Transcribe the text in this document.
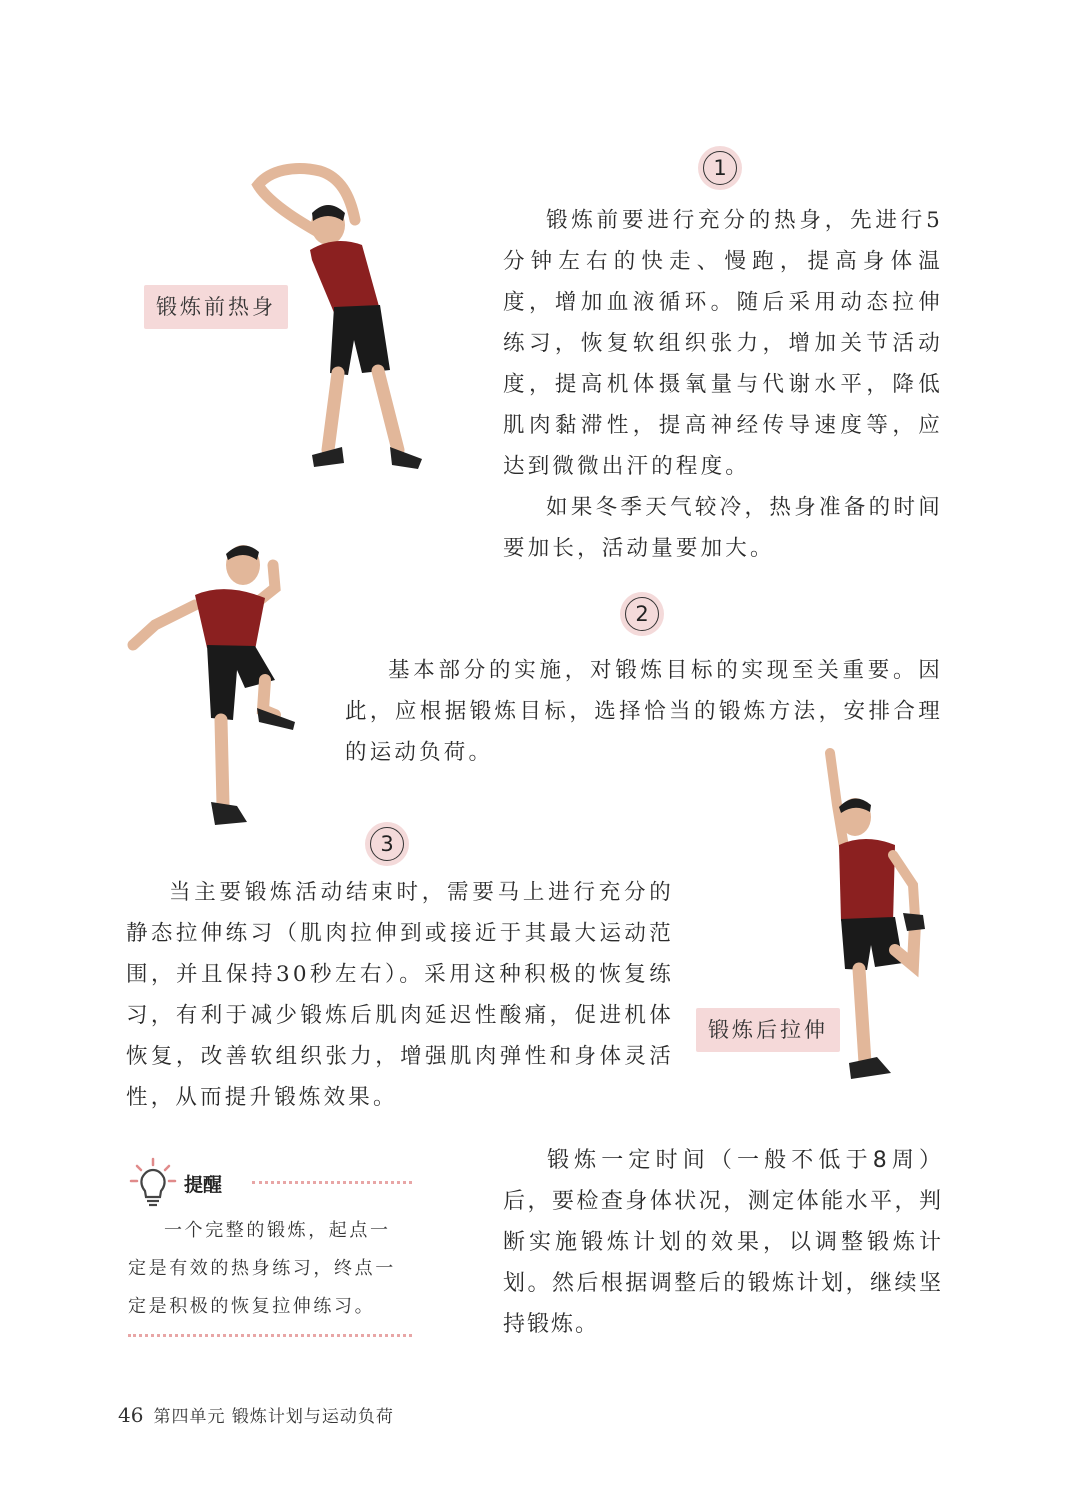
1
锻炼前热身

锻炼前要进行充分的热身，先进行5分钟左右的快走、慢跑，提高身体温度，增加血液循环。随后采用动态拉伸练习，恢复软组织张力，增加关节活动度，提高机体摄氧量与代谢水平，降低肌肉黏滞性，提高神经传导速度等，应达到微微出汗的程度。

如果冬季天气较冷，热身准备的时间要加长，活动量要加大。

2

基本部分的实施，对锻炼目标的实现至关重要。因此，应根据锻炼目标，选择恰当的锻炼方法，安排合理的运动负荷。

3

当主要锻炼活动结束时，需要马上进行充分的静态拉伸练习（肌肉拉伸到或接近于其最大运动范围，并且保持30秒左右）。采用这种积极的恢复练习，有利于减少锻炼后肌肉延迟性酸痛，促进机体恢复，改善软组织张力，增强肌肉弹性和身体灵活性，从而提升锻炼效果。

锻炼后拉伸
提醒

一个完整的锻炼，起点一定是有效的热身练习，终点一定是积极的恢复拉伸练习。

锻炼一定时间（一般不低于8周）后，要检查身体状况，测定体能水平，判断实施锻炼计划的效果，以调整锻炼计划。然后根据调整后的锻炼计划，继续坚持锻炼。

46 第四单元 锻炼计划与运动负荷
